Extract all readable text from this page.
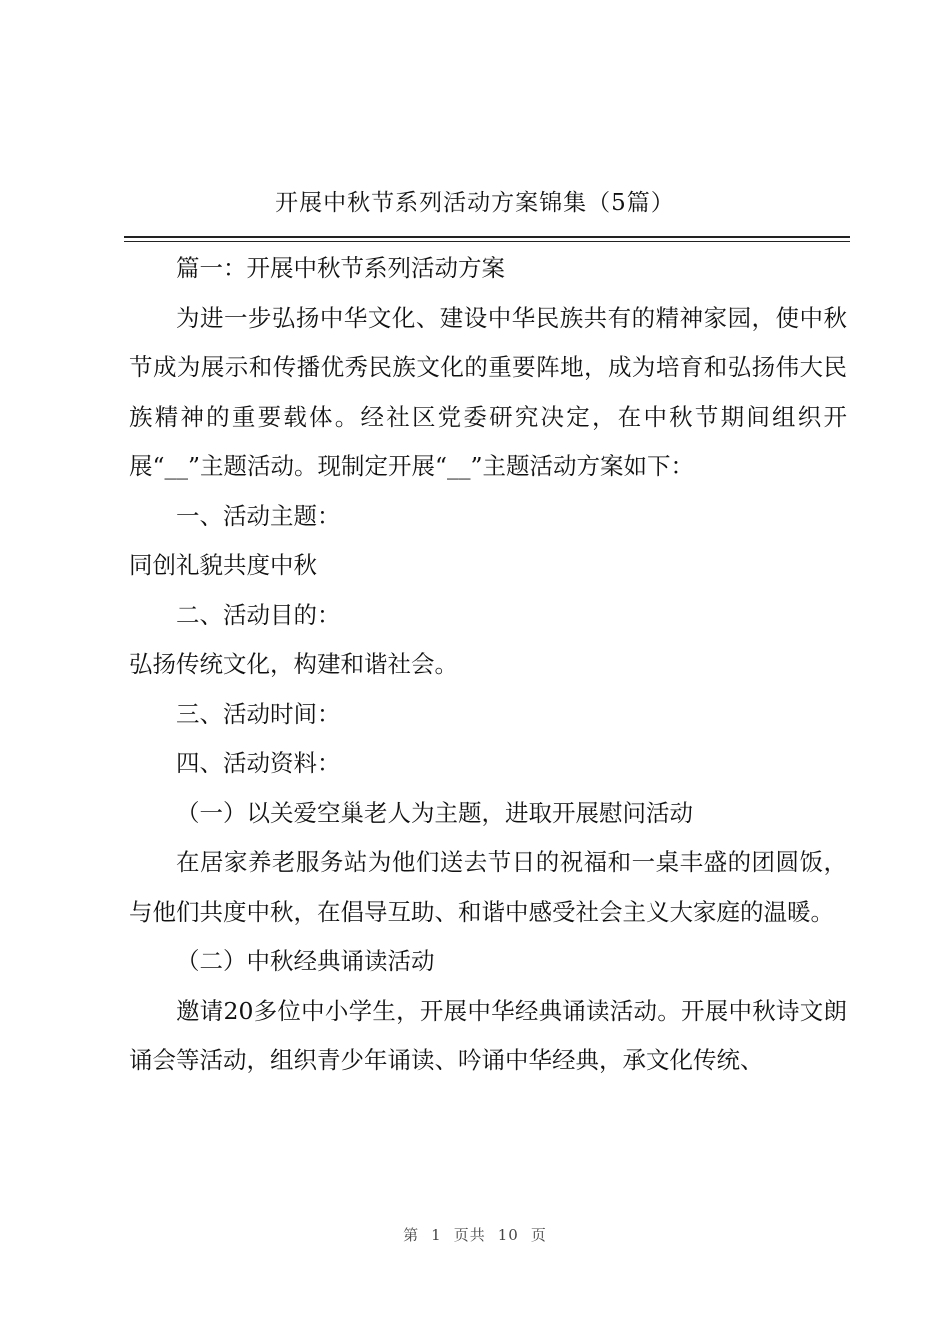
开展中秋节系列活动方案锦集（5篇）

篇一：开展中秋节系列活动方案

为进一步弘扬中华文化、建设中华民族共有的精神家园，使中秋节成为展示和传播优秀民族文化的重要阵地，成为培育和弘扬伟大民族精神的重要载体。经社区党委研究决定，在中秋节期间组织开展“__”主题活动。现制定开展“__”主题活动方案如下：

一、活动主题：

同创礼貌共度中秋

二、活动目的：

弘扬传统文化，构建和谐社会。

三、活动时间：

四、活动资料：

（一）以关爱空巢老人为主题，进取开展慰问活动

在居家养老服务站为他们送去节日的祝福和一桌丰盛的团圆饭，与他们共度中秋，在倡导互助、和谐中感受社会主义大家庭的温暖。

（二）中秋经典诵读活动

邀请20多位中小学生，开展中华经典诵读活动。开展中秋诗文朗诵会等活动，组织青少年诵读、吟诵中华经典，承文化传统、

第 1 页共 10 页
